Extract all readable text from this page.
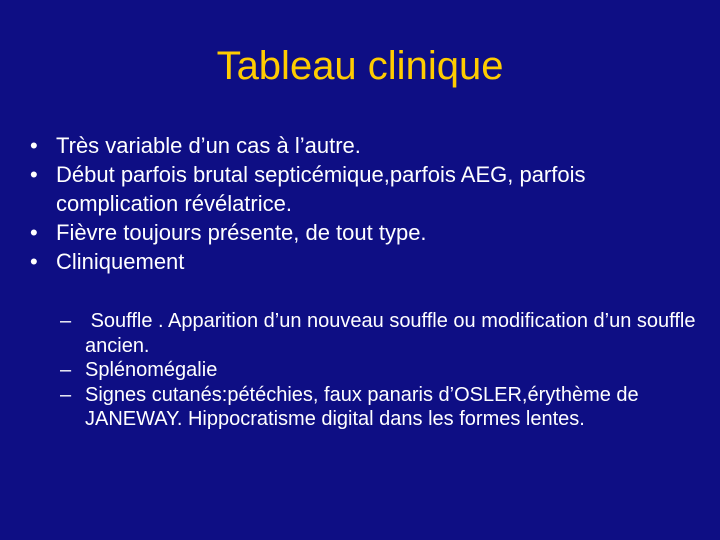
Tableau clinique
• Très variable d’un cas à l’autre.
• Début parfois brutal septicémique,parfois AEG, parfois complication révélatrice.
• Fièvre toujours présente, de tout type.
• Cliniquement
– Souffle . Apparition d’un nouveau souffle ou modification d’un souffle ancien.
– Splénomégalie
– Signes cutanés:pétéchies, faux panaris d’OSLER,érythème de JANEWAY. Hippocratisme digital dans les formes lentes.
